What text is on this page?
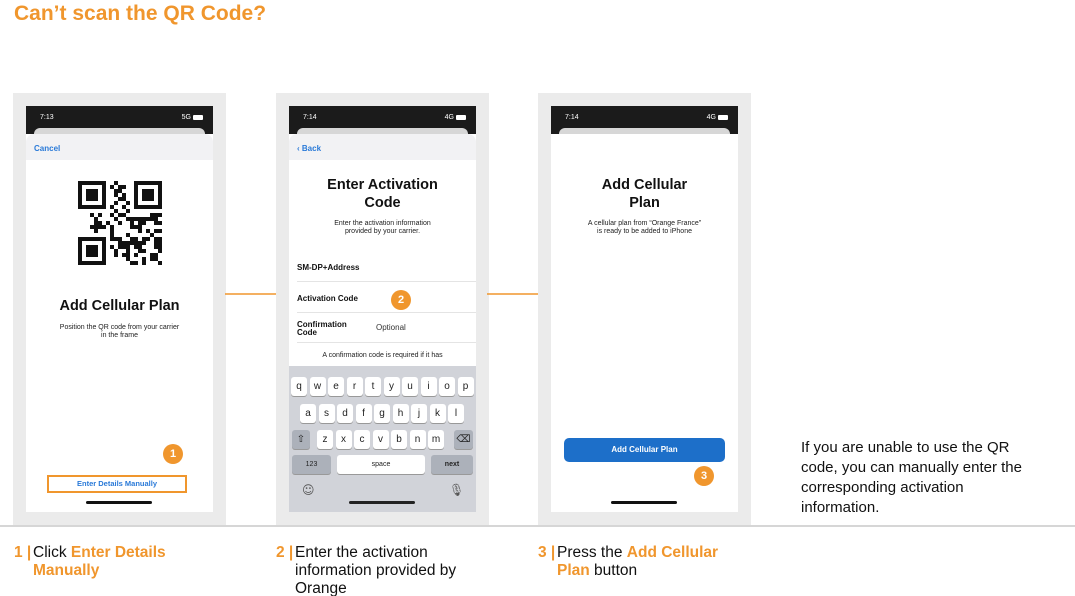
Can’t scan the QR Code?
7:13	5G
Cancel
Add Cellular Plan
Position the QR code from your carrier
in the frame
1
Enter Details Manually
7:14	4G
‹ Back
Enter Activation
Code
Enter the activation information
provided by your carrier.
SM-DP+Address
Activation Code
Confirmation
Code
Optional
2
A confirmation code is required if it has
q	w	e	r	t	y	u	i	o	p
a	s	d	f	g	h	j	k	l
⇧	z	x	c	v	b	n	m	⌫
123	space	next
☺	🎙
7:14	4G
Add Cellular
Plan
A cellular plan from “Orange France”
is ready to be added to iPhone
Add Cellular Plan
3
If you are unable to use the QR code, you can manually enter the corresponding activation information.
1 | Click Enter Details Manually
2 | Enter the activation information provided by Orange
3 | Press the Add Cellular Plan button
